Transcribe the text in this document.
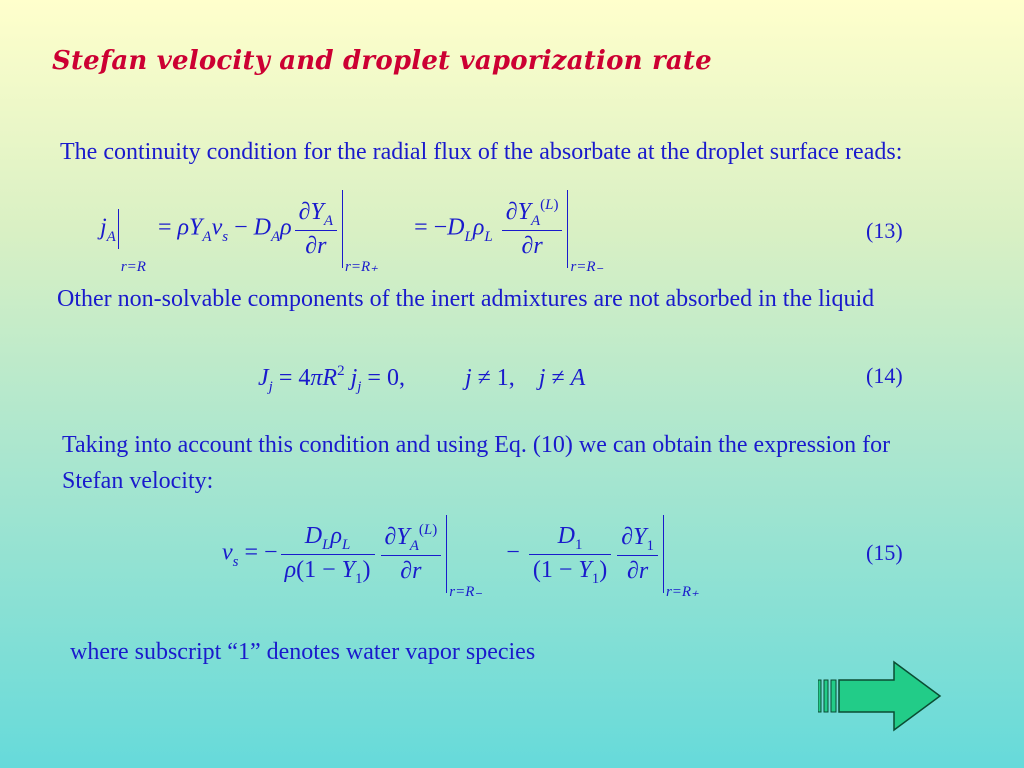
Stefan velocity and droplet vaporization rate
The continuity condition for the radial flux of the absorbate at the droplet surface reads:
$j_Ar=R = \rho Y_Av_s - D_A\rho \frac{\partial Y_A}{\partial r}$
r=R₊      = $-D_L\rho_L \frac{\partial Y_A^{(L)}}{\partial r}$
r=R₋
(13)
Other non-solvable components of the inert admixtures are not absorbed in the liquid
$J_j = 4\pi R^2$ $j_j = 0$,          j ≠ 1,    j ≠ A	(14)
Taking into account this condition and using Eq. (10) we can obtain the expression for Stefan velocity:
$v_s$ = − $\frac{D_L\rho_L}{\rho(1 - Y_1)} \frac{\partial Y_A^{(L)}}{\partial r}$
r=R₋    − $\frac{D_1}{(1 - Y_1)} \frac{\partial Y_1}{\partial r}$
r=R₊
(15)
where subscript “1” denotes water vapor species
